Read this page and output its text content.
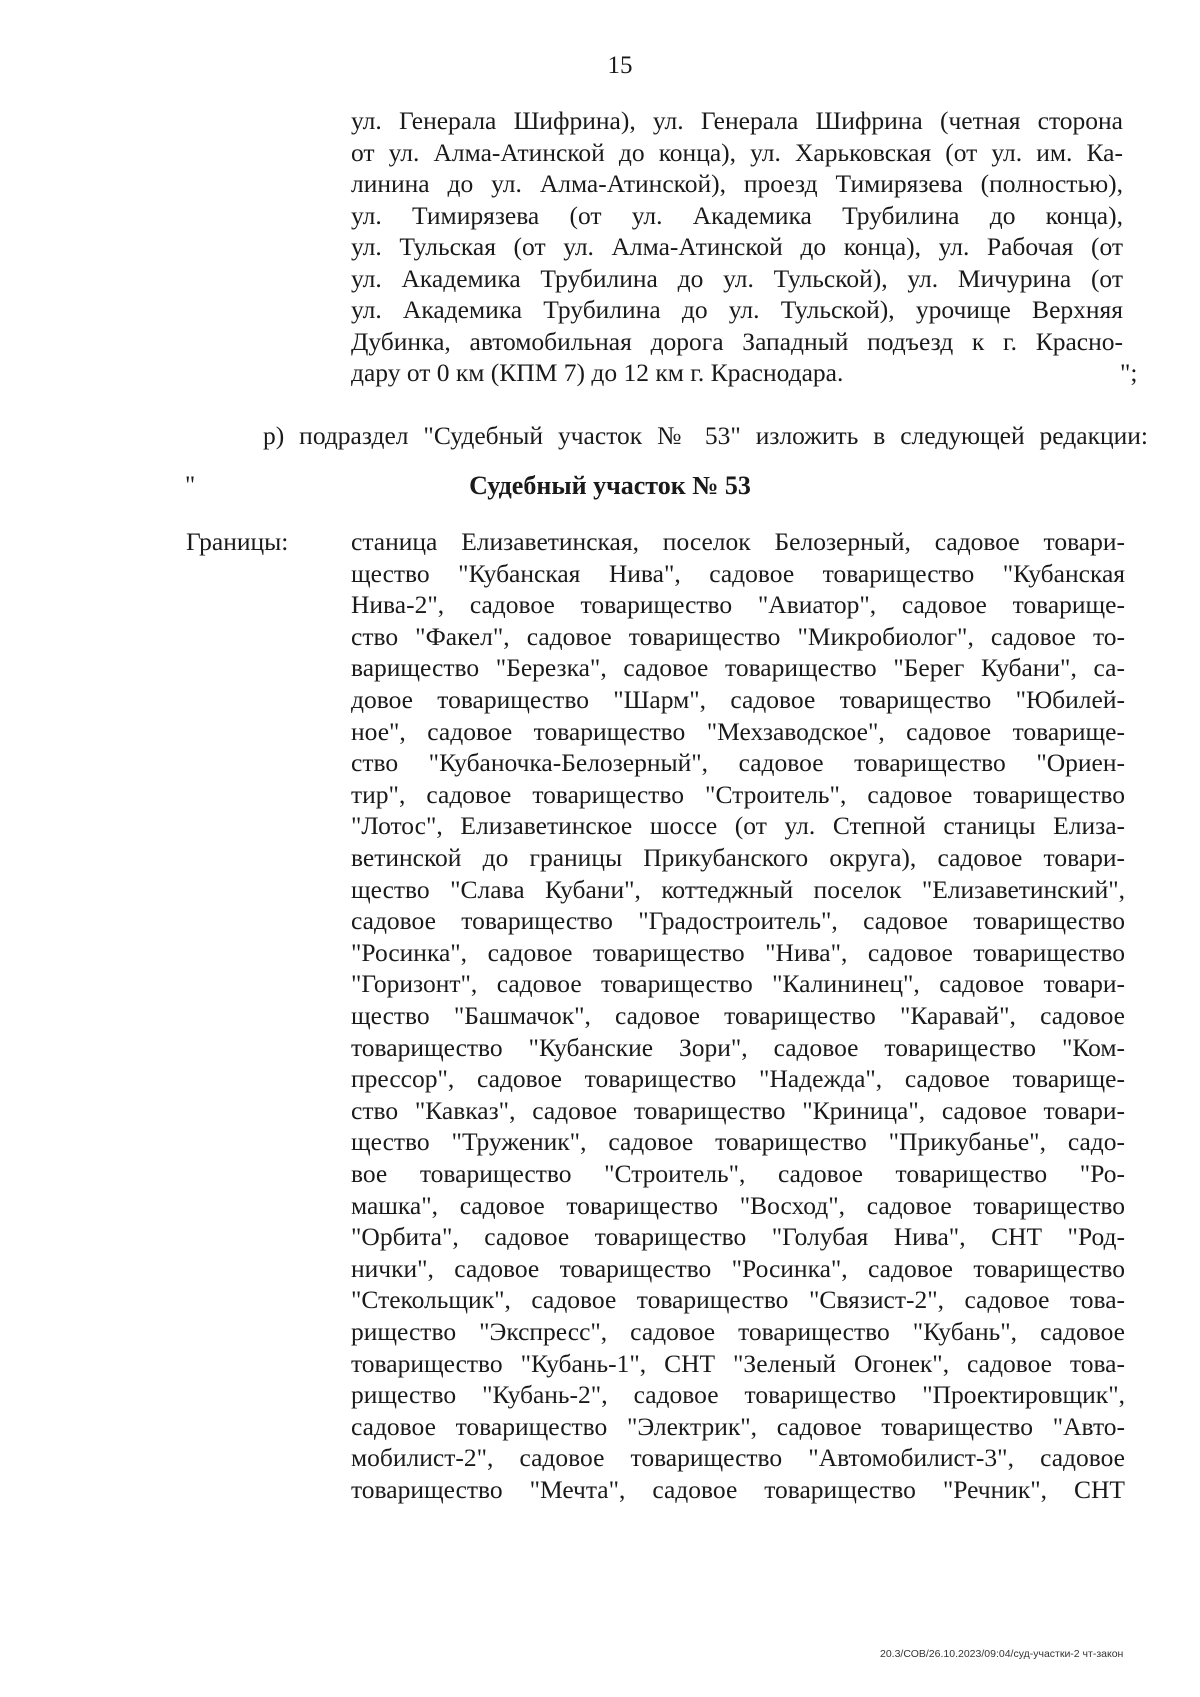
15
ул. Генерала Шифрина), ул. Генерала Шифрина (четная сторона
от ул. Алма-Атинской до конца), ул. Харьковская (от ул. им. Ка-
линина до ул. Алма-Атинской), проезд Тимирязева (полностью),
ул. Тимирязева (от ул. Академика Трубилина до конца),
ул. Тульская (от ул. Алма-Атинской до конца), ул. Рабочая (от
ул. Академика Трубилина до ул. Тульской), ул. Мичурина (от
ул. Академика Трубилина до ул. Тульской), урочище Верхняя
Дубинка, автомобильная дорога Западный подъезд к г. Красно-
дару от 0 км (КПМ 7) до 12 км г. Краснодара.	";
р) подраздел "Судебный участок № 53" изложить в следующей редакции:
"	Судебный участок № 53
Границы: станица Елизаветинская, поселок Белозерный, садовое товари-
щество "Кубанская Нива", садовое товарищество "Кубанская
Нива-2", садовое товарищество "Авиатор", садовое товарище-
ство "Факел", садовое товарищество "Микробиолог", садовое то-
варищество "Березка", садовое товарищество "Берег Кубани", са-
довое товарищество "Шарм", садовое товарищество "Юбилей-
ное", садовое товарищество "Мехзаводское", садовое товарище-
ство "Кубаночка-Белозерный", садовое товарищество "Ориен-
тир", садовое товарищество "Строитель", садовое товарищество
"Лотос", Елизаветинское шоссе (от ул. Степной станицы Елиза-
ветинской до границы Прикубанского округа), садовое товари-
щество "Слава Кубани", коттеджный поселок "Елизаветинский",
садовое товарищество "Градостроитель", садовое товарищество
"Росинка", садовое товарищество "Нива", садовое товарищество
"Горизонт", садовое товарищество "Калининец", садовое товари-
щество "Башмачок", садовое товарищество "Каравай", садовое
товарищество "Кубанские Зори", садовое товарищество "Ком-
прессор", садовое товарищество "Надежда", садовое товарище-
ство "Кавказ", садовое товарищество "Криница", садовое товари-
щество "Труженик", садовое товарищество "Прикубанье", садо-
вое товарищество "Строитель", садовое товарищество "Ро-
машка", садовое товарищество "Восход", садовое товарищество
"Орбита", садовое товарищество "Голубая Нива", СНТ "Род-
нички", садовое товарищество "Росинка", садовое товарищество
"Стекольщик", садовое товарищество "Связист-2", садовое това-
рищество "Экспресс", садовое товарищество "Кубань", садовое
товарищество "Кубань-1", СНТ "Зеленый Огонек", садовое това-
рищество "Кубань-2", садовое товарищество "Проектировщик",
садовое товарищество "Электрик", садовое товарищество "Авто-
мобилист-2", садовое товарищество "Автомобилист-3", садовое
товарищество "Мечта", садовое товарищество "Речник", СНТ
20.3/СОВ/26.10.2023/09:04/суд-участки-2 чт-закон
